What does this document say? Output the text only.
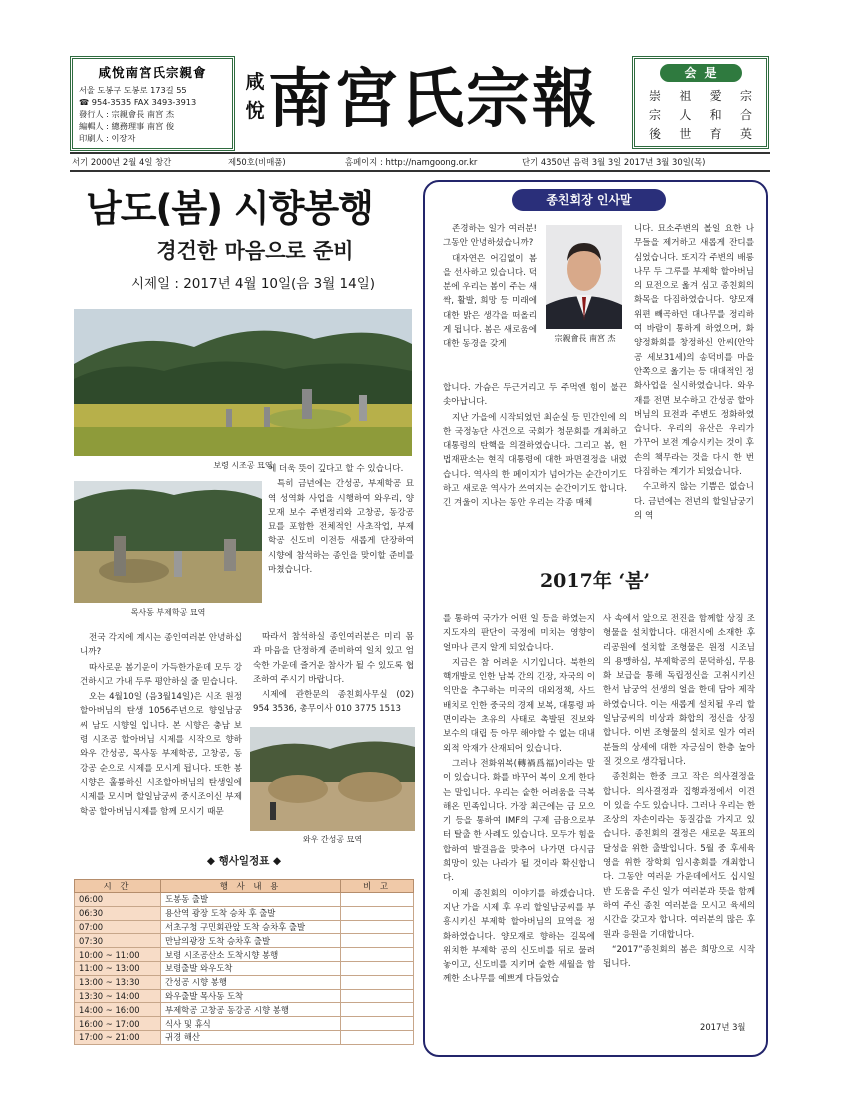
咸悅南宮氏宗親會
서울 도봉구 도봉로 173길 55
☎ 954-3535 FAX 3493-3913
發行人 : 宗親會長 南宮 杰
編輯人 : 總務理事 南宮 俊
印刷人 : 이장자
咸悅 南宮氏宗報	会是
崇 祖 愛 宗
宗 人 和 合
後 世 育 英
서기 2000년 2월 4일 창간	제50호(비매품)	홈페이지 : http://namgoong.or.kr	단기 4350년 음력 3월 3일 2017년 3월 30일(목)
남도(봄) 시향봉행
경건한 마음으로 준비
시제일 : 2017년 4월 10일(음 3월 14일)
보령 시조공 묘역
목사동 부제학공 묘역

에 더욱 뜻이 깊다고 할 수 있습니다.

특히 금년에는 간성공, 부제학공 묘역 성역화 사업을 시행하여 와우리, 양모재 보수 주변정리와 고창공, 동강공묘를 포함한 전체적인 사초작업, 부제학공 신도비 이전등 새롭게 단장하여 시향에 참석하는 종인을 맞이할 준비를 마쳤습니다.

전국 각지에 계시는 종인여러분 안녕하십니까?

따사로운 봄기운이 가득한가운데 모두 강건하시고 가내 두루 평안하실 줄 믿습니다.

오는 4월10일 (음3월14일)은 시조 원정 할아버님의 탄생 1056주년으로 향일남궁씨 남도 시향일 입니다. 본 시향은 충남 보령 시조공 할아버님 시제를 시작으로 향하 와우 간성공, 목사동 부제학공, 고창공, 동강공 순으로 시제를 모시게 됩니다. 또한 봉시향은 훌륭하신 시조할아버님의 탄생일에 시제를 모시며 할일남궁씨 중시조이신 부제학공 할아버님시제를 함께 모시기 때문

따라서 참석하실 종인여러분은 미리 몸과 마음을 단정하게 준비하여 일치 있고 엄숙한 가운데 즐거운 참사가 될 수 있도록 협조하여 주시기 바랍니다.

시제에 관한문의 종친회사무실 (02) 954 3536, 총무이사 010 3775 1513

와우 간성공 묘역
◆ 행사일정표 ◆
시 간	행 사 내 용	비 고
06:00	도봉동 출발	
06:30	용산역 광장 도착 승차 후 출발	
07:00	서초구청 구민회관앞 도착 승차후 출발	
07:30	만남의광장 도착 승차후 출발	
10:00 ~ 11:00	보령 시조공산소 도착시향 봉행	
11:00 ~ 13:00	보령출발 와우도착	
13:00 ~ 13:30	간성공 시향 봉행	
13:30 ~ 14:00	와우출발 목사동 도착	
14:00 ~ 16:00	부제학공 고창공 동강공 시향 봉행	
16:00 ~ 17:00	식사 및 휴식	
17:00 ~ 21:00	귀경 해산	
종친회장 인사말

존경하는 일가 여러분! 그동안 안녕하셨습니까?

대자연은 어김없이 봄을 선사하고 있습니다. 덕분에 우리는 봄이 주는 새싹, 활발, 희망 등 미래에 대한 밝은 생각을 떠올리게 됩니다. 봄은 새로움에 대한 동경을 갖게

宗親會長 南宮 杰

합니다. 가슴은 두근거리고 두 주먹엔 힘이 불끈 솟아납니다.

지난 가을에 시작되었던 최순실 등 민간인에 의한 국정농단 사건으로 국회가 청문회를 개최하고 대통령의 탄핵을 의결하였습니다. 그리고 봄, 헌법재판소는 현직 대통령에 대한 파면결정을 내렸습니다. 역사의 한 페이지가 넘어가는 순간이기도 하고 새로운 역사가 쓰여지는 순간이기도 합니다. 긴 겨울이 지나는 동안 우리는 각종 매체

니다. 묘소주변의 볼일 요한 나무들을 제거하고 새롭게 잔디를 심었습니다. 또지각 주변의 배롱나무 두 그루를 부제학 할아버님의 묘전으로 옮겨 심고 종친회의 화목을 다짐하였습니다. 양모재 위편 빼곡하던 대나무를 정리하여 바람이 통하게 하였으며, 화양정화회를 창정하신 안씨(안악공 세보31세)의 송덕비를 마을 안쪽으로 옮기는 등 대대적인 정화사업을 실시하였습니다. 와우재를 전면 보수하고 간성공 할아버님의 묘전과 주변도 정화하였습니다. 우리의 유산은 우리가 가꾸어 보전 계승시키는 것이 후손의 책무라는 것을 다시 한 번 다짐하는 계기가 되었습니다.

수고하지 않는 기쁨은 없습니다. 금년에는 전년의 할일남궁기의 역

2017年 ‘봄’

를 통하여 국가가 어떤 일 등을 하였는지 지도자의 판단이 국정에 미치는 영향이 얼마나 큰지 알게 되었습니다.

지금은 참 어려운 시기입니다. 북한의 핵개발로 인한 남북 간의 긴장, 자국의 이익만을 추구하는 미국의 대외정책, 사드배치로 인한 중국의 경제 보복, 대통령 파면이라는 초유의 사태로 촉발된 진보와 보수의 대립 등 아무 해야할 수 없는 대내외적 악재가 산재되어 있습니다.

그러나 전화위복(轉禍爲福)이라는 말이 있습니다. 화를 바꾸어 복이 오게 한다는 말입니다. 우리는 숱한 어려움을 극복해온 민족입니다. 가장 최근에는 금 모으기 등을 통하여 IMF의 구제 금융으로부터 탈출 한 사례도 있습니다. 모두가 힘을 합하여 발걸음을 맞추어 나가면 다시금 희망이 있는 나라가 될 것이라 확신합니다.

이제 종친회의 이야기를 하겠습니다. 지난 가을 시제 후 우리 할일남궁씨를 부흥시키신 부제학 할아버님의 묘역을 정화하였습니다. 양모재로 향하는 길목에 위치한 부제학 공의 신도비를 뒤로 물려 놓이고, 신도비를 지키며 숱한 세월을 함께한 소나무를 예쁘게 다듬었습

사 속에서 앞으로 전진을 함께할 상징 조형물을 설치합니다. 대전시에 소재한 후리공원에 설치할 조형물은 원정 시조님의 용맹하심, 부제학공의 문덕하심, 무용화 보급을 통해 독립정신을 고취시키신 한서 남궁억 선생의 얼을 한데 담아 제작하였습니다. 이는 새롭게 설치될 우리 할일남궁씨의 비상과 화합의 정신을 상징합니다. 이번 조형물의 설치로 일가 여러분들의 상세에 대한 자긍심이 한층 높아질 것으로 생각됩니다.

종친회는 한중 크고 작은 의사결정을 합니다. 의사결정과 집행과정에서 이견이 있을 수도 있습니다. 그러나 우리는 한 조상의 자손이라는 동질감을 가지고 있습니다. 종친회의 결정은 새로운 목표의 달성을 위한 출발입니다. 5월 중 후세육영을 위한 장학회 임시총회를 개최합니다. 그동안 여러운 가운데에서도 십시일반 도움을 주신 일가 여러분과 뜻을 함께하여 주신 종친 여러분을 모시고 육세의 시간을 갖고자 합니다. 여러분의 많은 후원과 응원을 기대합니다.

“2017”종친회의 봄은 희망으로 시작됩니다.

2017년 3월
